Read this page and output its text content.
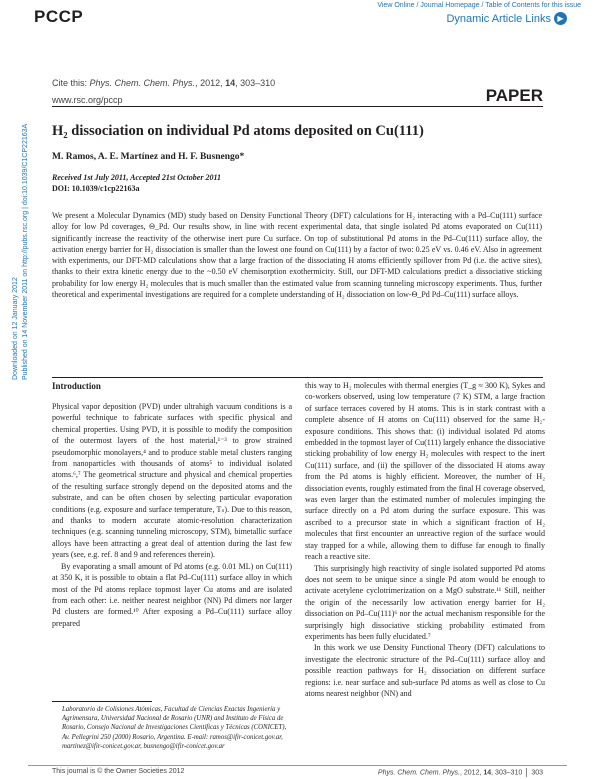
PCCP
View Online / Journal Homepage / Table of Contents for this issue
Dynamic Article Links ▶
Cite this: Phys. Chem. Chem. Phys., 2012, 14, 303–310
www.rsc.org/pccp	PAPER
Downloaded on 12 January 2012 Published on 14 November 2011 on http://pubs.rsc.org | doi:10.1039/C1CP22163A H₂ dissociation on individual Pd atoms deposited on Cu(111)
M. Ramos, A. E. Martínez and H. F. Busnengo*
Received 1st July 2011, Accepted 21st October 2011
DOI: 10.1039/c1cp22163a
We present a Molecular Dynamics (MD) study based on Density Functional Theory (DFT) calculations for H₂ interacting with a Pd–Cu(111) surface alloy for low Pd coverages, Θ_Pd. Our results show, in line with recent experimental data, that single isolated Pd atoms evaporated on Cu(111) significantly increase the reactivity of the otherwise inert pure Cu surface. On top of substitutional Pd atoms in the Pd–Cu(111) surface alloy, the activation energy barrier for H₂ dissociation is smaller than the lowest one found on Cu(111) by a factor of two: 0.25 eV vs. 0.46 eV. Also in agreement with experiments, our DFT-MD calculations show that a large fraction of the dissociating H atoms efficiently spillover from Pd (i.e. the active sites), thanks to their extra kinetic energy due to the ~0.50 eV chemisorption exothermicity. Still, our DFT-MD calculations predict a dissociative sticking probability for low energy H₂ molecules that is much smaller than the estimated value from scanning tunneling microscopy experiments. Thus, further theoretical and experimental investigations are required for a complete understanding of H₂ dissociation on low-Θ_Pd Pd–Cu(111) surface alloys.
Introduction

Physical vapor deposition (PVD) under ultrahigh vacuum conditions is a powerful technique to fabricate surfaces with specific physical and chemical properties. Using PVD, it is possible to modify the composition of the outermost layers of the host material,¹⁻³ to grow strained pseudomorphic monolayers,⁴ and to produce stable metal clusters ranging from nanoparticles with thousands of atoms⁵ to individual isolated atoms.⁶,⁷ The geometrical structure and physical and chemical properties of the resulting surface strongly depend on the deposited atoms and the substrate, and can be often chosen by selecting particular evaporation conditions (e.g. exposure and surface temperature, Tₛ). Due to this reason, and thanks to modern accurate atomic-resolution characterization techniques (e.g. scanning tunneling microscopy, STM), bimetallic surface alloys have been attracting a great deal of attention during the last few years (see, e.g. ref. 8 and 9 and references therein).

By evaporating a small amount of Pd atoms (e.g. 0.01 ML) on Cu(111) at 350 K, it is possible to obtain a flat Pd–Cu(111) surface alloy in which most of the Pd atoms replace topmost layer Cu atoms and are isolated from each other: i.e. neither nearest neighbor (NN) Pd dimers nor larger Pd clusters are formed.¹⁰ After exposing a Pd–Cu(111) surface alloy prepared

this way to H₂ molecules with thermal energies (T_g ≈ 300 K), Sykes and co-workers observed, using low temperature (7 K) STM, a large fraction of surface terraces covered by H atoms. This is in stark contrast with a complete absence of H atoms on Cu(111) observed for the same H₂-exposure conditions. This shows that: (i) individual isolated Pd atoms embedded in the topmost layer of Cu(111) largely enhance the dissociative sticking probability of low energy H₂ molecules with respect to the inert Cu(111) surface, and (ii) the spillover of the dissociated H atoms away from the Pd atoms is highly efficient. Moreover, the number of H₂ dissociation events, roughly estimated from the final H coverage observed, was even larger than the estimated number of molecules impinging the surface directly on a Pd atom during the surface exposure. This was ascribed to a precursor state in which a significant fraction of H₂ molecules that first encounter an unreactive region of the surface would stay trapped for a while, allowing them to diffuse far enough to finally reach a reactive site.

This surprisingly high reactivity of single isolated supported Pd atoms does not seem to be unique since a single Pd atom would be enough to activate acetylene cyclotrimerization on a MgO substrate.¹¹ Still, neither the origin of the necessarily low activation energy barrier for H₂ dissociation on Pd–Cu(111)⁶ nor the actual mechanism responsible for the surprisingly high dissociative sticking probability estimated from experiments has been fully elucidated.⁷

In this work we use Density Functional Theory (DFT) calculations to investigate the electronic structure of the Pd–Cu(111) surface alloy and possible reaction pathways for H₂ dissociation on different surface regions: i.e. near surface and sub-surface Pd atoms as well as close to Cu atoms nearest neighbor (NN) and

Laboratorio de Colisiones Atómicas, Facultad de Ciencias Exactas Ingeniería y Agrimensura, Universidad Nacional de Rosario (UNR) and Instituto de Física de Rosario, Consejo Nacional de Investigaciones Científicas y Técnicas (CONICET), Av. Pellegrini 250 (2000) Rosario, Argentina. E-mail: ramos@ifir-conicet.gov.ar, martinez@ifir-conicet.gov.ar, busnengo@ifir-conicet.gov.ar
This journal is © the Owner Societies 2012	Phys. Chem. Chem. Phys., 2012, 14, 303–310 303
